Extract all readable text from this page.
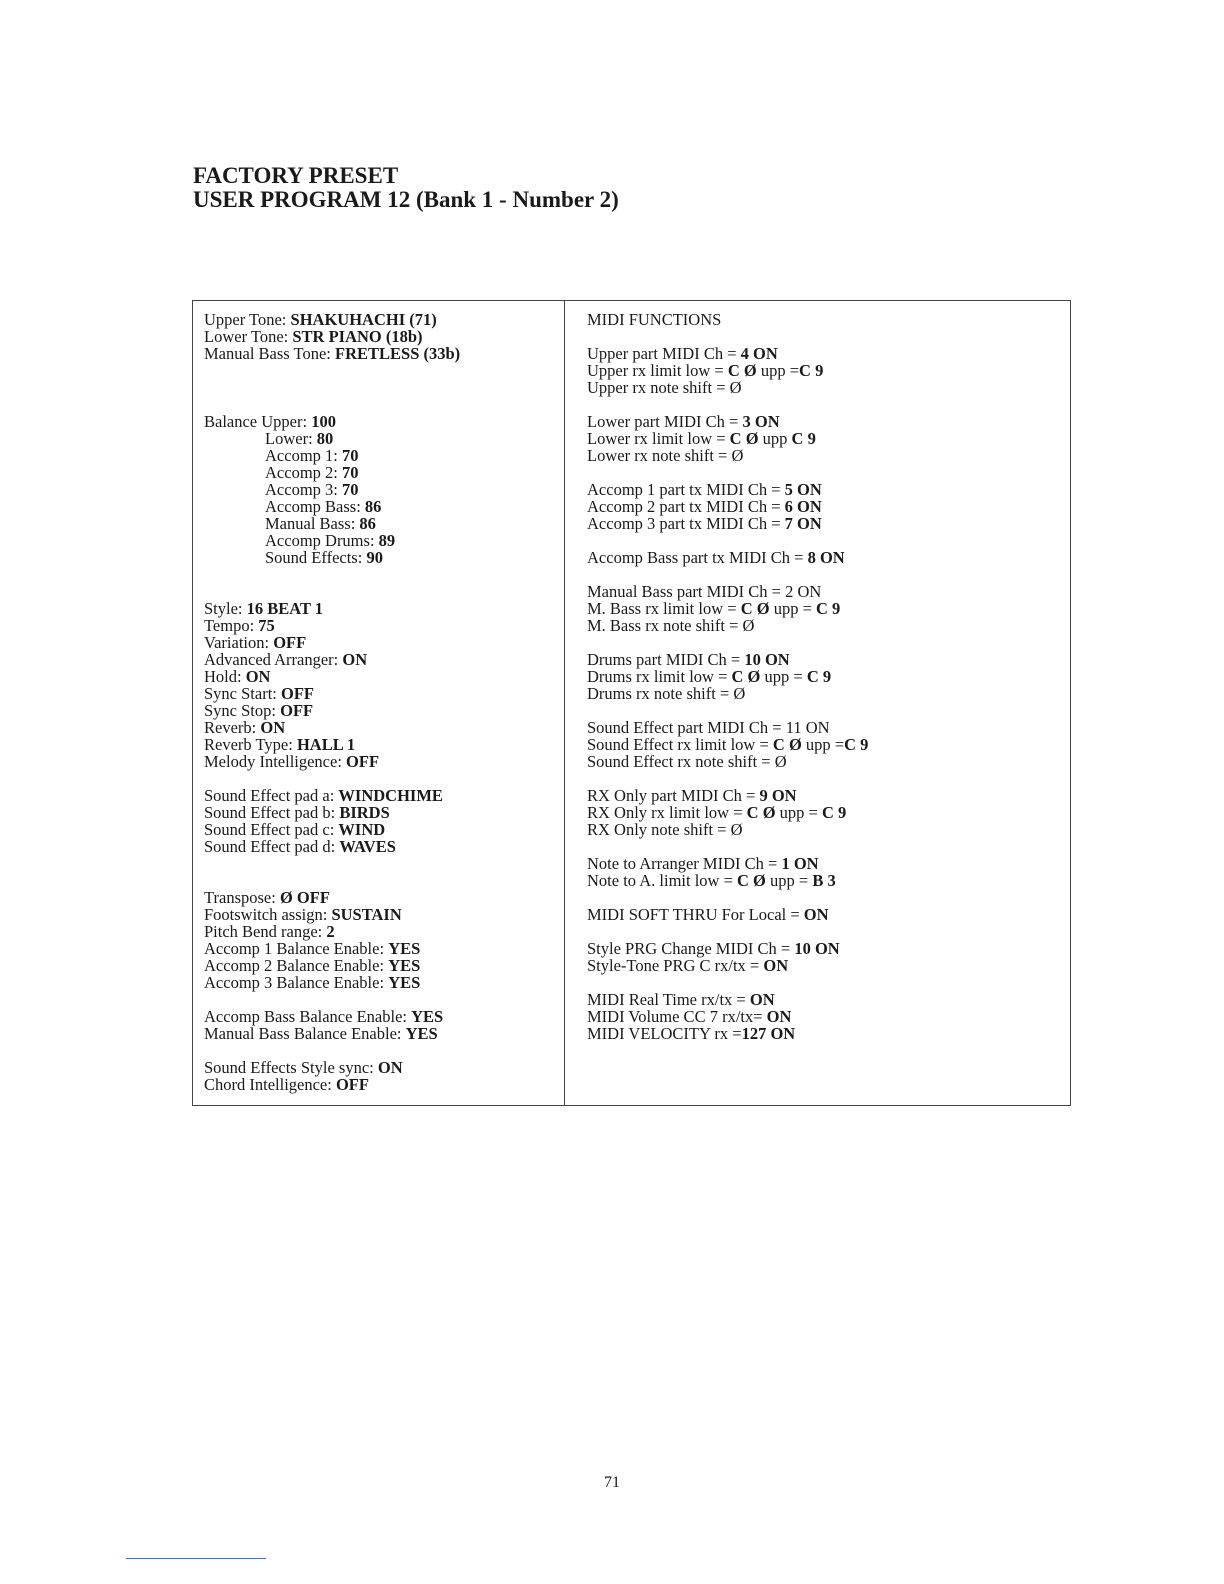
FACTORY PRESET
USER PROGRAM 12 (Bank 1 - Number 2)
Upper Tone: SHAKUHACHI (71)
Lower Tone: STR PIANO (18b)
Manual Bass Tone: FRETLESS (33b)
Balance Upper: 100
Lower: 80
Accomp 1: 70
Accomp 2: 70
Accomp 3: 70
Accomp Bass: 86
Manual Bass: 86
Accomp Drums: 89
Sound Effects: 90
Style: 16 BEAT 1
Tempo: 75
Variation: OFF
Advanced Arranger: ON
Hold: ON
Sync Start: OFF
Sync Stop: OFF
Reverb: ON
Reverb Type: HALL 1
Melody Intelligence: OFF
Sound Effect pad a: WINDCHIME
Sound Effect pad b: BIRDS
Sound Effect pad c: WIND
Sound Effect pad d: WAVES
Transpose: Ø OFF
Footswitch assign: SUSTAIN
Pitch Bend range: 2
Accomp 1 Balance Enable: YES
Accomp 2 Balance Enable: YES
Accomp 3 Balance Enable: YES
Accomp Bass Balance Enable: YES
Manual Bass Balance Enable: YES
Sound Effects Style sync: ON
Chord Intelligence: OFF
MIDI FUNCTIONS
Upper part MIDI Ch = 4 ON
Upper rx limit low = C Ø upp =C 9
Upper rx note shift = Ø
Lower part MIDI Ch = 3 ON
Lower rx limit low = C Ø upp C 9
Lower rx note shift = Ø
Accomp 1 part tx MIDI Ch = 5 ON
Accomp 2 part tx MIDI Ch = 6 ON
Accomp 3 part tx MIDI Ch = 7 ON
Accomp Bass part tx MIDI Ch = 8 ON
Manual Bass part MIDI Ch = 2 ON
M. Bass rx limit low = C Ø upp = C 9
M. Bass rx note shift = Ø
Drums part MIDI Ch = 10 ON
Drums rx limit low = C Ø upp = C 9
Drums rx note shift = Ø
Sound Effect part MIDI Ch = 11 ON
Sound Effect rx limit low = C Ø upp =C 9
Sound Effect rx note shift = Ø
RX Only part MIDI Ch = 9 ON
RX Only rx limit low = C Ø upp = C 9
RX Only note shift = Ø
Note to Arranger MIDI Ch = 1 ON
Note to A. limit low = C Ø upp = B 3
MIDI SOFT THRU For Local = ON
Style PRG Change MIDI Ch = 10 ON
Style-Tone PRG C rx/tx = ON
MIDI Real Time rx/tx = ON
MIDI Volume CC 7 rx/tx= ON
MIDI VELOCITY rx =127 ON
71
